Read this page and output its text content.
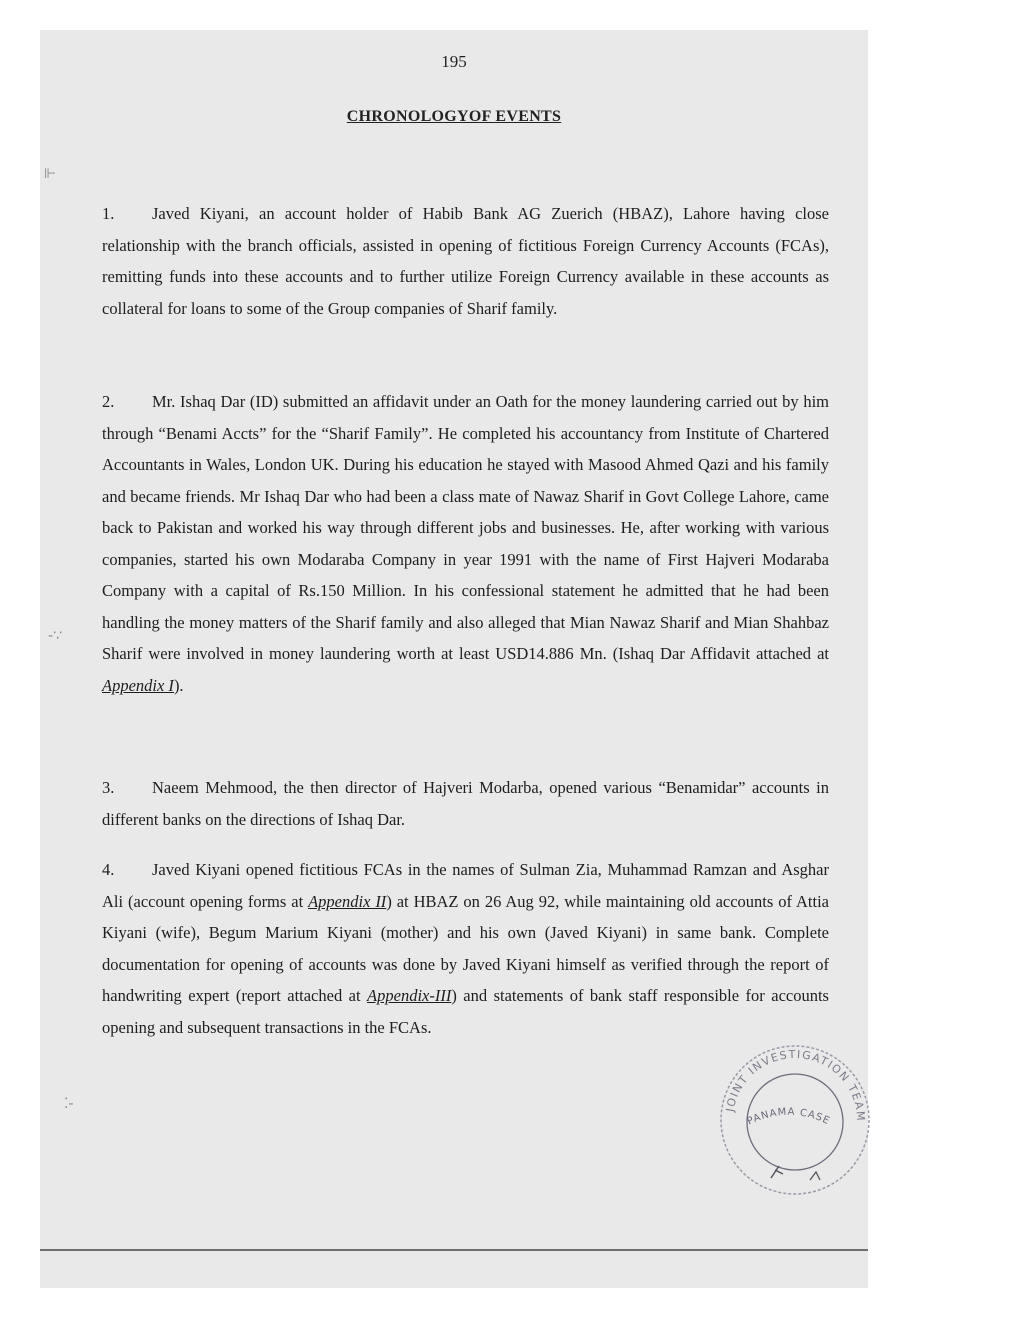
195
CHRONOLOGYOF EVENTS
1. Javed Kiyani, an account holder of Habib Bank AG Zuerich (HBAZ), Lahore having close relationship with the branch officials, assisted in opening of fictitious Foreign Currency Accounts (FCAs), remitting funds into these accounts and to further utilize Foreign Currency available in these accounts as collateral for loans to some of the Group companies of Sharif family.
2. Mr. Ishaq Dar (ID) submitted an affidavit under an Oath for the money laundering carried out by him through “Benami Accts” for the “Sharif Family”. He completed his accountancy from Institute of Chartered Accountants in Wales, London UK. During his education he stayed with Masood Ahmed Qazi and his family and became friends. Mr Ishaq Dar who had been a class mate of Nawaz Sharif in Govt College Lahore, came back to Pakistan and worked his way through different jobs and businesses. He, after working with various companies, started his own Modaraba Company in year 1991 with the name of First Hajveri Modaraba Company with a capital of Rs.150 Million. In his confessional statement he admitted that he had been handling the money matters of the Sharif family and also alleged that Mian Nawaz Sharif and Mian Shahbaz Sharif were involved in money laundering worth at least USD14.886 Mn. (Ishaq Dar Affidavit attached at Appendix I).
3. Naeem Mehmood, the then director of Hajveri Modarba, opened various “Benamidar” accounts in different banks on the directions of Ishaq Dar.
4. Javed Kiyani opened fictitious FCAs in the names of Sulman Zia, Muhammad Ramzan and Asghar Ali (account opening forms at Appendix II) at HBAZ on 26 Aug 92, while maintaining old accounts of Attia Kiyani (wife), Begum Marium Kiyani (mother) and his own (Javed Kiyani) in same bank. Complete documentation for opening of accounts was done by Javed Kiyani himself as verified through the report of handwriting expert (report attached at Appendix-III) and statements of bank staff responsible for accounts opening and subsequent transactions in the FCAs.
JOINT INVESTIGATION TEAM
PANAMA CASE
⊩
-∵
⁚-
